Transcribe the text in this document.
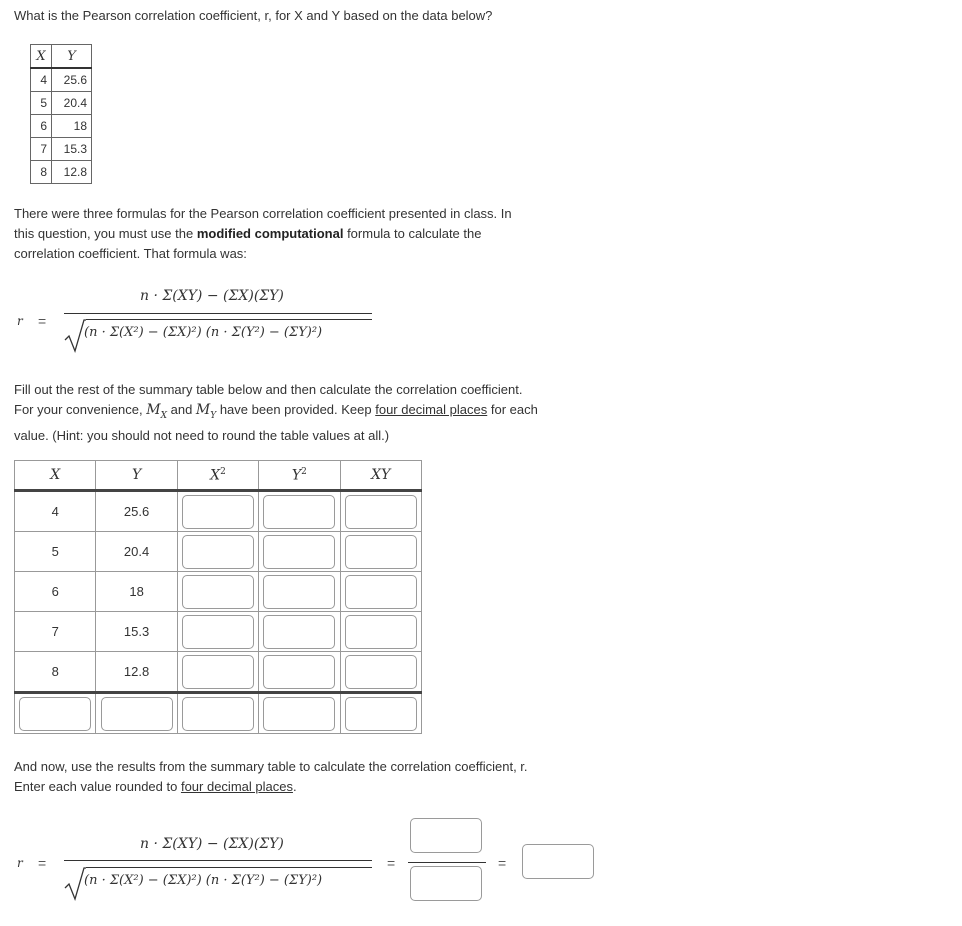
What is the Pearson correlation coefficient, r, for X and Y based on the data below?
X	Y
4	25.6
5	20.4
6	18
7	15.3
8	12.8
There were three formulas for the Pearson correlation coefficient presented in class. In this question, you must use the modified computational formula to calculate the correlation coefficient. That formula was:
r =
n · Σ(XY) − (ΣX)(ΣY)
(n · Σ(X²) − (ΣX)²) (n · Σ(Y²) − (ΣY)²)
Fill out the rest of the summary table below and then calculate the correlation coefficient. For your convenience, $M_X$ and $M_Y$ have been provided. Keep four decimal places for each value. (Hint: you should not need to round the table values at all.)
X	Y	$X^2$	$Y^2$	XY
4	25.6	

5	20.4	

6	18	

7	15.3	

8	12.8	

And now, use the results from the summary table to calculate the correlation coefficient, r. Enter each value rounded to four decimal places.
r =
n · Σ(XY) − (ΣX)(ΣY)
(n · Σ(X²) − (ΣX)²) (n · Σ(Y²) − (ΣY)²)
=	=
